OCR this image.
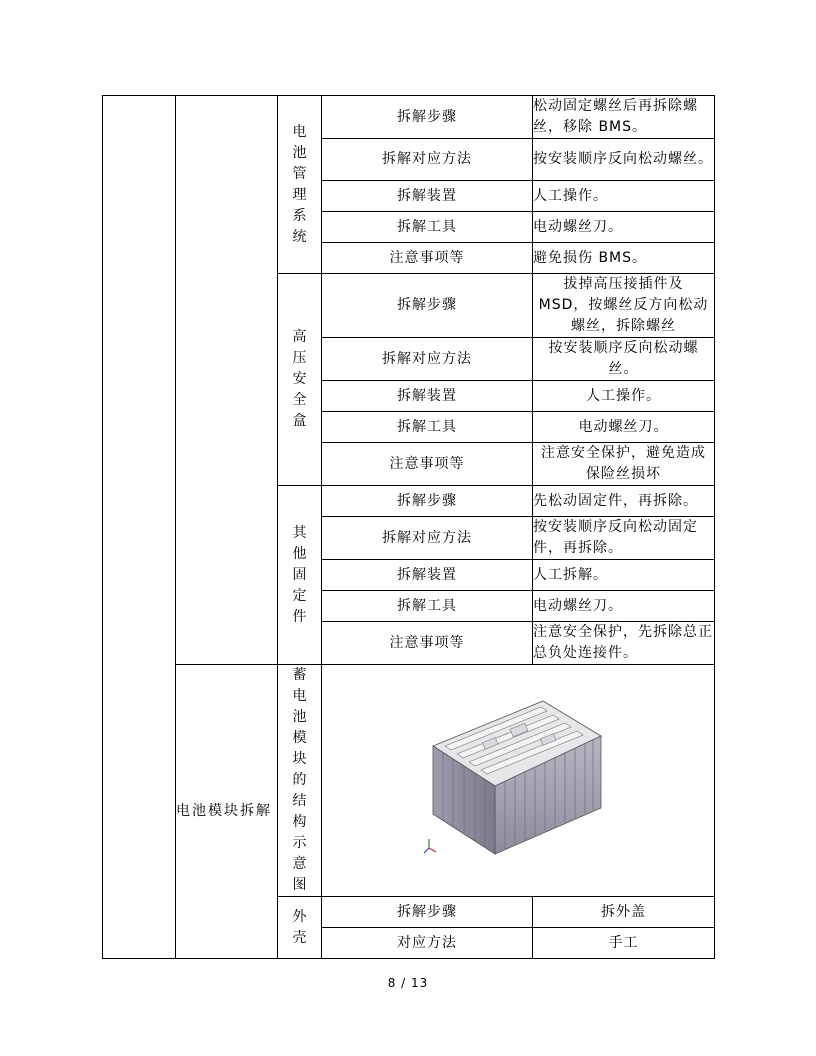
		电池管理系统	拆解步骤	松动固定螺丝后再拆除螺丝，移除 BMS。
			拆解对应方法	按安装顺序反向松动螺丝。
			拆解装置	人工操作。
			拆解工具	电动螺丝刀。
			注意事项等	避免损伤 BMS。

		高压安全盒	拆解步骤	拔掉高压接插件及 MSD，按螺丝反方向松动螺丝，拆除螺丝
			拆解对应方法	按安装顺序反向松动螺丝。
			拆解装置	人工操作。
			拆解工具	电动螺丝刀。
			注意事项等	注意安全保护，避免造成保险丝损坏

		其他固定件	拆解步骤	先松动固定件，再拆除。
			拆解对应方法	按安装顺序反向松动固定件，再拆除。
			拆解装置	人工拆解。
			拆解工具	电动螺丝刀。
			注意事项等	注意安全保护，先拆除总正总负处连接件。
	电池模块拆解	蓄电池模块的结构示意图

		外壳	拆解步骤	拆外盖
			对应方法	手工
8 / 13
